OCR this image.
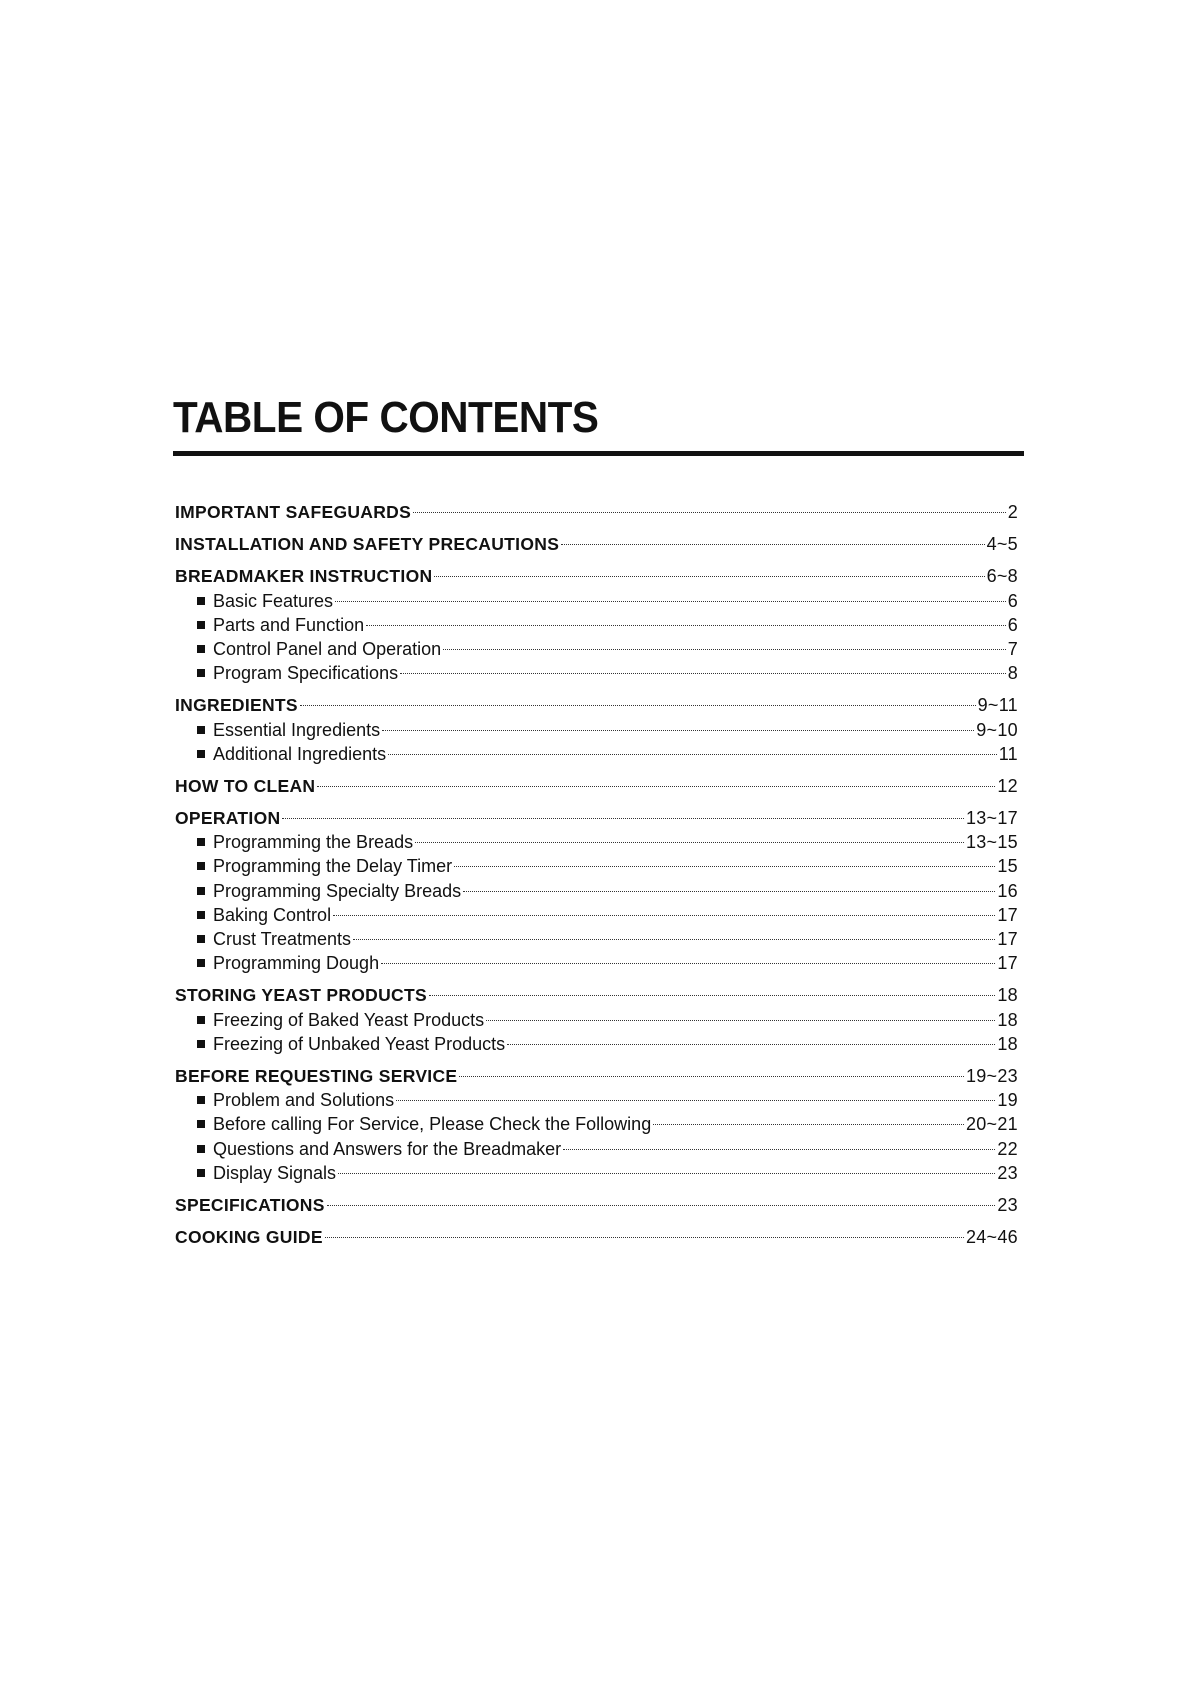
TABLE OF CONTENTS
IMPORTANT SAFEGUARDS	2
INSTALLATION AND SAFETY PRECAUTIONS	4~5
BREADMAKER INSTRUCTION	6~8
Basic Features	6
Parts and Function	6
Control Panel and Operation	7
Program Specifications	8
INGREDIENTS	9~11
Essential Ingredients	9~10
Additional Ingredients	11
HOW TO CLEAN	12
OPERATION	13~17
Programming the Breads	13~15
Programming the Delay Timer	15
Programming Specialty Breads	16
Baking Control	17
Crust Treatments	17
Programming Dough	17
STORING YEAST PRODUCTS	18
Freezing of Baked Yeast Products	18
Freezing of Unbaked Yeast Products	18
BEFORE REQUESTING SERVICE	19~23
Problem and Solutions	19
Before calling For Service, Please Check the Following	20~21
Questions and Answers for the Breadmaker	22
Display Signals	23
SPECIFICATIONS	23
COOKING GUIDE	24~46
